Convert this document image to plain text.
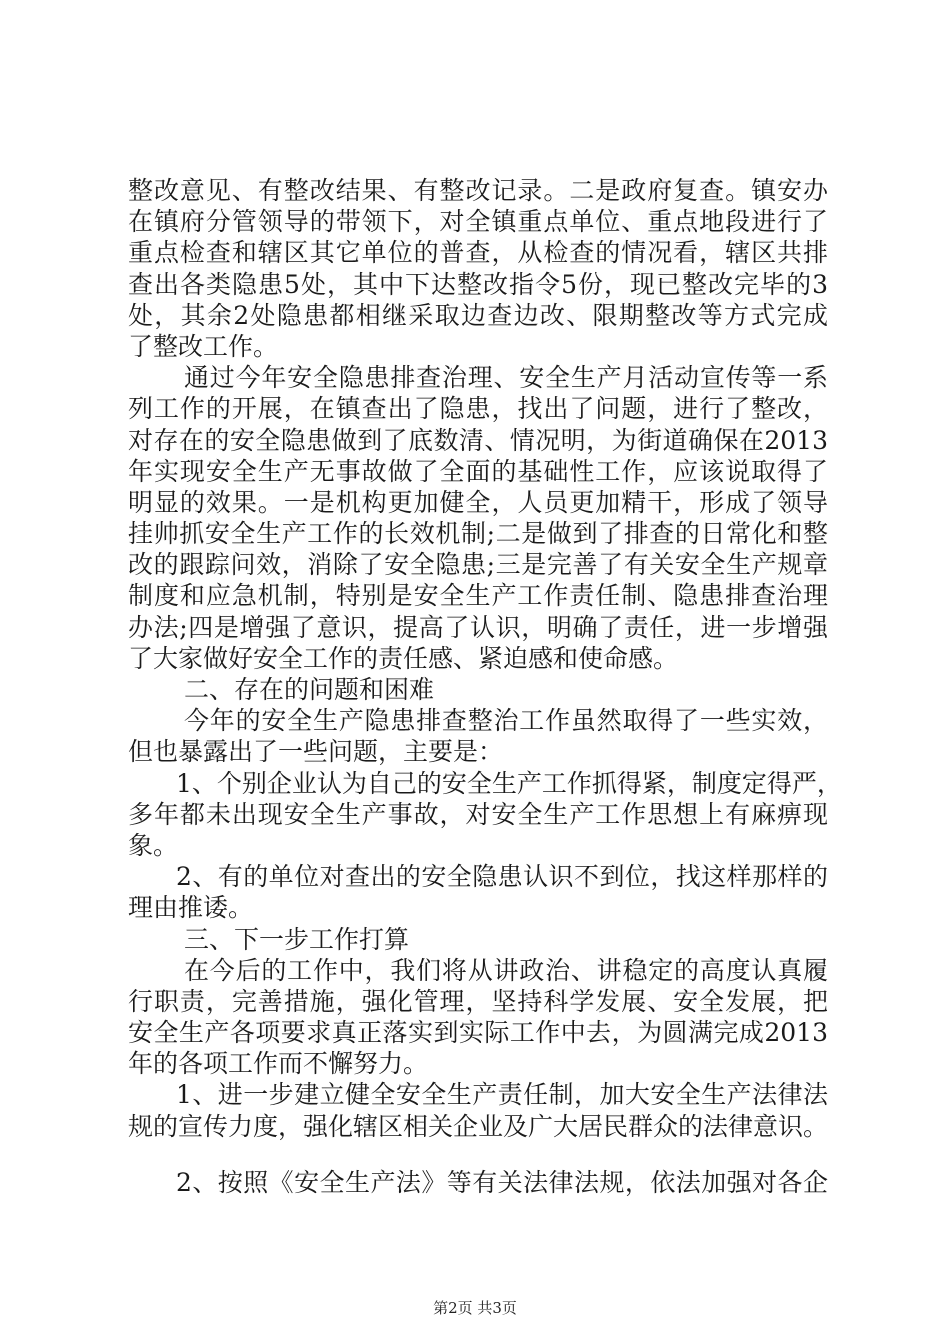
整改意见、有整改结果、有整改记录。二是政府复查。镇安办
在镇府分管领导的带领下，对全镇重点单位、重点地段进行了
重点检查和辖区其它单位的普查，从检查的情况看，辖区共排
查出各类隐患5处，其中下达整改指令5份，现已整改完毕的3
处，其余2处隐患都相继采取边查边改、限期整改等方式完成
了整改工作。
通过今年安全隐患排查治理、安全生产月活动宣传等一系
列工作的开展，在镇查出了隐患，找出了问题，进行了整改，
对存在的安全隐患做到了底数清、情况明，为街道确保在2013
年实现安全生产无事故做了全面的基础性工作，应该说取得了
明显的效果。一是机构更加健全，人员更加精干，形成了领导
挂帅抓安全生产工作的长效机制;二是做到了排查的日常化和整
改的跟踪问效，消除了安全隐患;三是完善了有关安全生产规章
制度和应急机制，特别是安全生产工作责任制、隐患排查治理
办法;四是增强了意识，提高了认识，明确了责任，进一步增强
了大家做好安全工作的责任感、紧迫感和使命感。
二、存在的问题和困难
今年的安全生产隐患排查整治工作虽然取得了一些实效，
但也暴露出了一些问题，主要是：
1、个别企业认为自己的安全生产工作抓得紧，制度定得严，
多年都未出现安全生产事故，对安全生产工作思想上有麻痹现
象。
2、有的单位对查出的安全隐患认识不到位，找这样那样的
理由推诿。
三、下一步工作打算
在今后的工作中，我们将从讲政治、讲稳定的高度认真履
行职责，完善措施，强化管理，坚持科学发展、安全发展，把
安全生产各项要求真正落实到实际工作中去，为圆满完成2013
年的各项工作而不懈努力。
1、进一步建立健全安全生产责任制，加大安全生产法律法
规的宣传力度，强化辖区相关企业及广大居民群众的法律意识。
2、按照《安全生产法》等有关法律法规，依法加强对各企
第2页 共3页
